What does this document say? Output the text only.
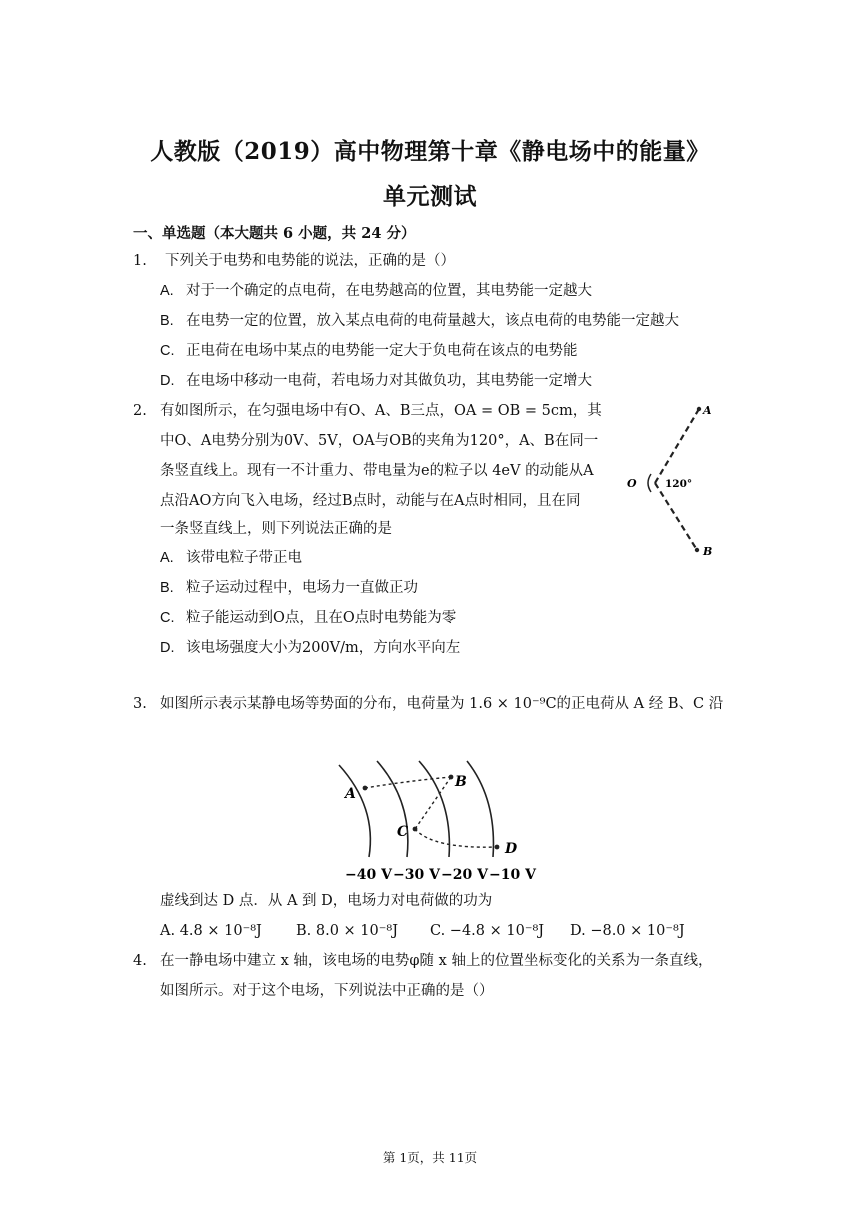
人教版（2019）高中物理第十章《静电场中的能量》
单元测试
一、单选题（本大题共 6 小题，共 24 分）
1. 下列关于电势和电势能的说法，正确的是（）
A. 对于一个确定的点电荷，在电势越高的位置，其电势能一定越大
B. 在电势一定的位置，放入某点电荷的电荷量越大，该点电荷的电势能一定越大
C. 正电荷在电场中某点的电势能一定大于负电荷在该点的电势能
D. 在电场中移动一电荷，若电场力对其做负功，其电势能一定增大
2. 有如图所示，在匀强电场中有O、A、B三点，OA = OB = 5cm，其
中O、A电势分别为0V、5V，OA与OB的夹角为120°，A、B在同一
条竖直线上。现有一不计重力、带电量为e的粒子以 4eV 的动能从A
点沿AO方向飞入电场，经过B点时，动能与在A点时相同，且在同
一条竖直线上，则下列说法正确的是
A. 该带电粒子带正电
B. 粒子运动过程中，电场力一直做正功
C. 粒子能运动到O点，且在O点时电势能为零
D. 该电场强度大小为200V/m，方向水平向左
A
B
O	120°
3. 如图所示表示某静电场等势面的分布，电荷量为 1.6 × 10⁻⁹C的正电荷从 A 经 B、C 沿
A
B
C
D
−40 V −30 V −20 V −10 V
虚线到达 D 点．从 A 到 D，电场力对电荷做的功为
A. 4.8 × 10⁻⁸J B. 8.0 × 10⁻⁸J C. −4.8 × 10⁻⁸J D. −8.0 × 10⁻⁸J
4. 在一静电场中建立 x 轴，该电场的电势φ随 x 轴上的位置坐标变化的关系为一条直线，
如图所示。对于这个电场，下列说法中正确的是（）
第 1页，共 11页
